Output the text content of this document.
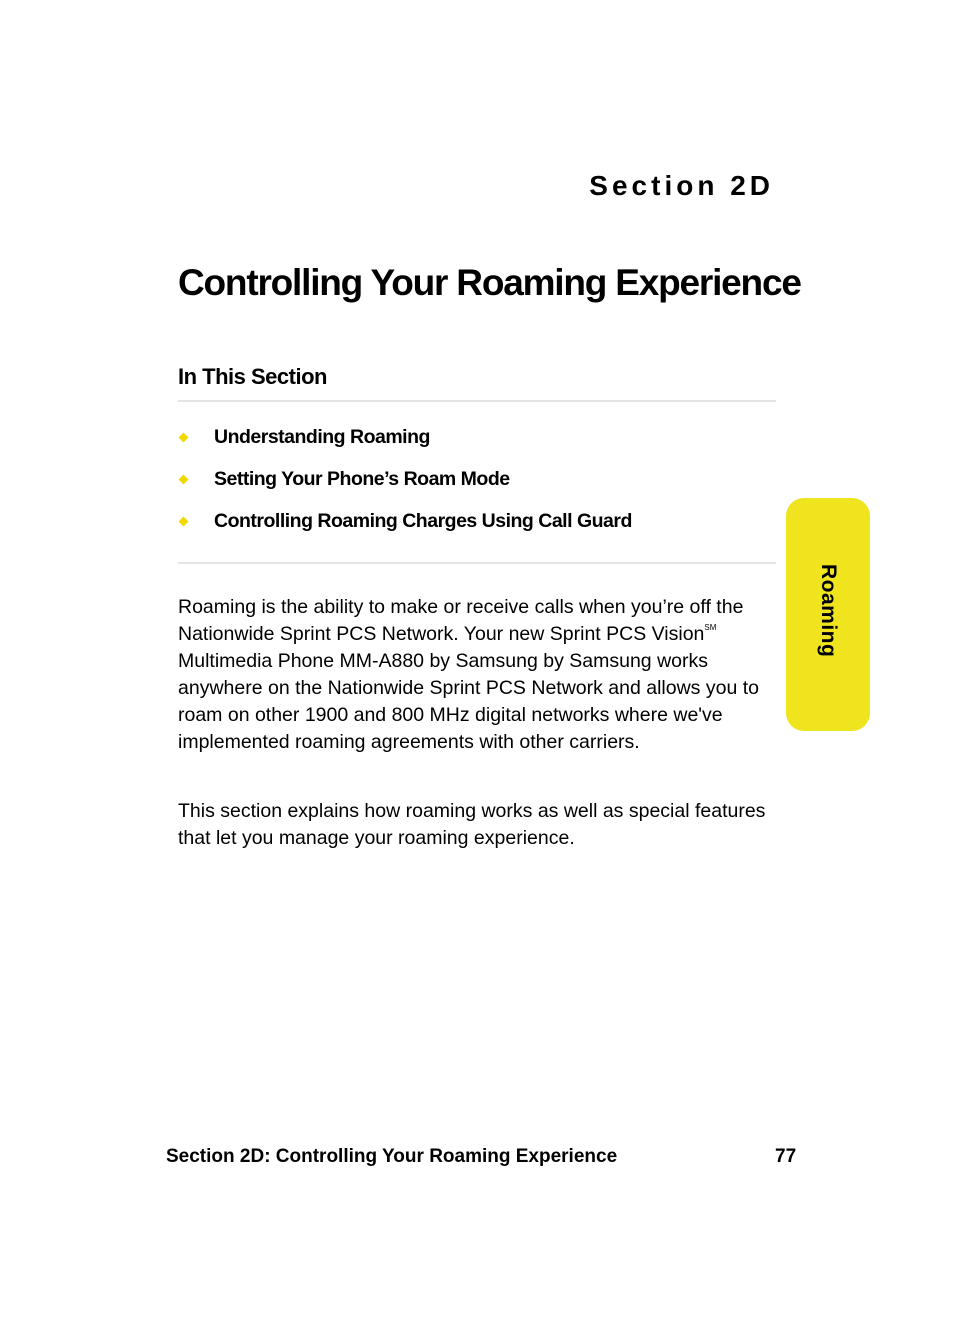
Section 2D
Controlling Your Roaming Experience
In This Section
Understanding Roaming
Setting Your Phone’s Roam Mode
Controlling Roaming Charges Using Call Guard

Roaming is the ability to make or receive calls when you’re off the Nationwide Sprint PCS Network. Your new Sprint PCS Vision℠ Multimedia Phone MM-A880 by Samsung by Samsung works anywhere on the Nationwide Sprint PCS Network and allows you to roam on other 1900 and 800 MHz digital networks where we've implemented roaming agreements with other carriers.

This section explains how roaming works as well as special features that let you manage your roaming experience.

Roaming
Section 2D: Controlling Your Roaming Experience	77
